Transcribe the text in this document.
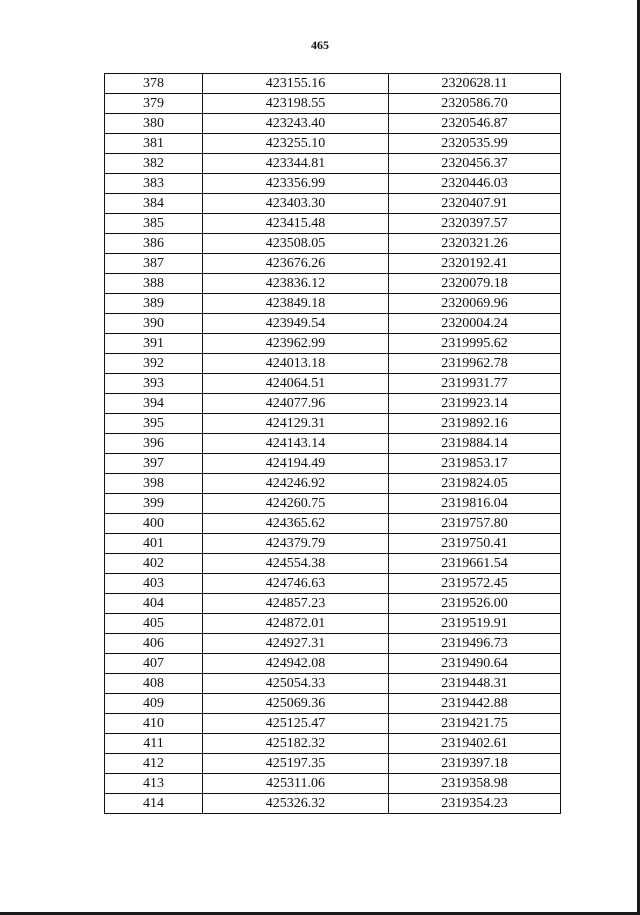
465
378	423155.16	2320628.11
379	423198.55	2320586.70
380	423243.40	2320546.87
381	423255.10	2320535.99
382	423344.81	2320456.37
383	423356.99	2320446.03
384	423403.30	2320407.91
385	423415.48	2320397.57
386	423508.05	2320321.26
387	423676.26	2320192.41
388	423836.12	2320079.18
389	423849.18	2320069.96
390	423949.54	2320004.24
391	423962.99	2319995.62
392	424013.18	2319962.78
393	424064.51	2319931.77
394	424077.96	2319923.14
395	424129.31	2319892.16
396	424143.14	2319884.14
397	424194.49	2319853.17
398	424246.92	2319824.05
399	424260.75	2319816.04
400	424365.62	2319757.80
401	424379.79	2319750.41
402	424554.38	2319661.54
403	424746.63	2319572.45
404	424857.23	2319526.00
405	424872.01	2319519.91
406	424927.31	2319496.73
407	424942.08	2319490.64
408	425054.33	2319448.31
409	425069.36	2319442.88
410	425125.47	2319421.75
411	425182.32	2319402.61
412	425197.35	2319397.18
413	425311.06	2319358.98
414	425326.32	2319354.23
